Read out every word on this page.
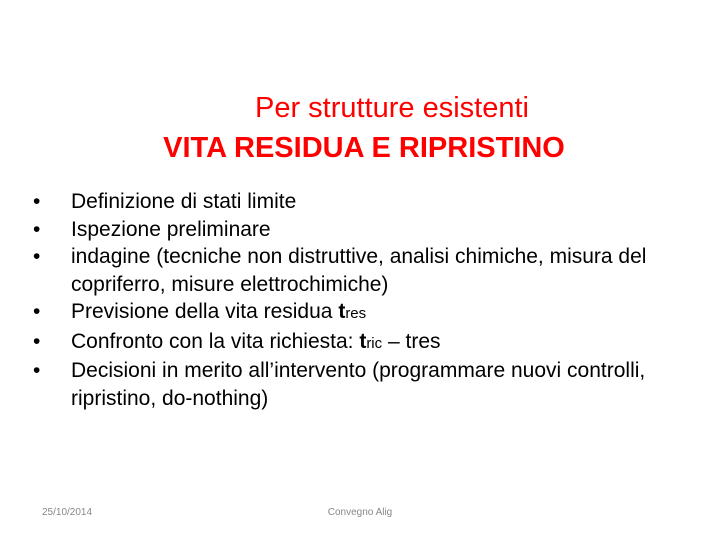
Per strutture esistenti

VITA RESIDUA E RIPRISTINO

•	Definizione di stati limite
•	Ispezione preliminare
•	indagine (tecniche non distruttive, analisi chimiche, misura del copriferro, misure elettrochimiche)
•	Previsione della vita residua tres
•	Confronto con la vita richiesta: tric – tres
•	Decisioni in merito all’intervento (programmare nuovi controlli, ripristino, do-nothing)
25/10/2014	Convegno Alig
